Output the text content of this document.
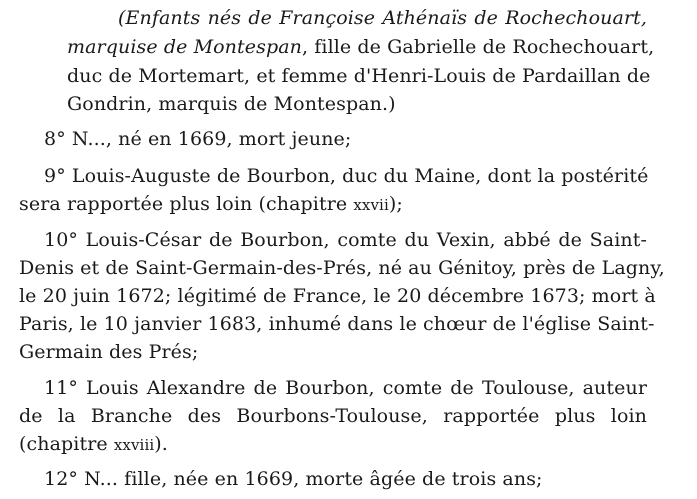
(Enfants nés de Françoise Athénaïs de Rochechouart,
marquise de Montespan, fille de Gabrielle de Rochechouart,
duc de Mortemart, et femme d'Henri-Louis de Pardaillan de
Gondrin, marquis de Montespan.)
8° N..., né en 1669, mort jeune;
9° Louis-Auguste de Bourbon, duc du Maine, dont la postérité
sera rapportée plus loin (chapitre xxvii);
10° Louis-César de Bourbon, comte du Vexin, abbé de Saint-
Denis et de Saint-Germain-des-Prés, né au Génitoy, près de Lagny,
le 20 juin 1672; légitimé de France, le 20 décembre 1673; mort à
Paris, le 10 janvier 1683, inhumé dans le chœur de l'église Saint-
Germain des Prés;
11° Louis Alexandre de Bourbon, comte de Toulouse, auteur
de la Branche des Bourbons-Toulouse, rapportée plus loin
(chapitre xxviii).
12° N... fille, née en 1669, morte âgée de trois ans;
